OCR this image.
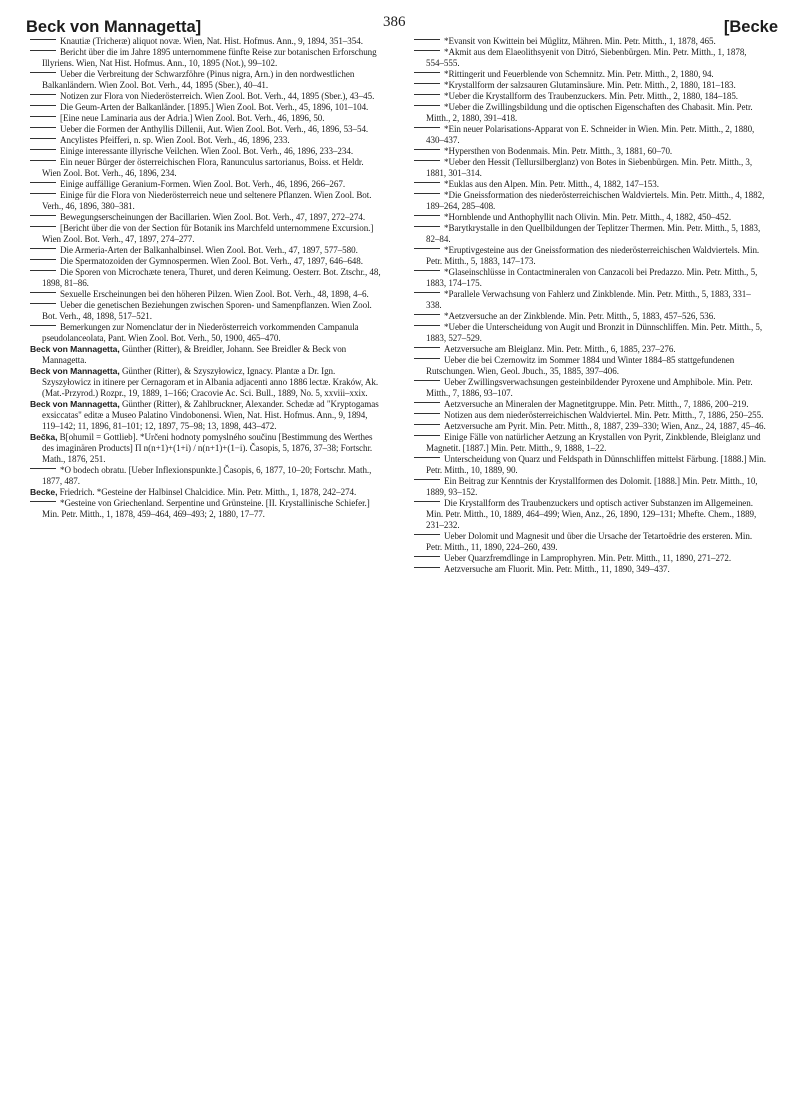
Beck von Mannagetta]	386	[Becke

Knautiæ (Tricheræ) aliquot novæ. Wien, Nat. Hist. Hofmus. Ann., 9, 1894, 351–354.

Bericht über die im Jahre 1895 unternommene fünfte Reise zur botanischen Erforschung Illyriens. Wien, Nat Hist. Hofmus. Ann., 10, 1895 (Not.), 99–102.

Ueber die Verbreitung der Schwarzföhre (Pinus nigra, Arn.) in den nordwestlichen Balkanländern. Wien Zool. Bot. Verh., 44, 1895 (Sber.), 40–41.

Notizen zur Flora von Niederösterreich. Wien Zool. Bot. Verh., 44, 1895 (Sber.), 43–45.

Die Geum-Arten der Balkanländer. [1895.] Wien Zool. Bot. Verh., 45, 1896, 101–104.

[Eine neue Laminaria aus der Adria.] Wien Zool. Bot. Verh., 46, 1896, 50.

Ueber die Formen der Anthyllis Dillenii, Aut. Wien Zool. Bot. Verh., 46, 1896, 53–54.

Ancylistes Pfeifferi, n. sp. Wien Zool. Bot. Verh., 46, 1896, 233.

Einige interessante illyrische Veilchen. Wien Zool. Bot. Verh., 46, 1896, 233–234.

Ein neuer Bürger der österreichischen Flora, Ranunculus sartorianus, Boiss. et Heldr. Wien Zool. Bot. Verh., 46, 1896, 234.

Einige auffällige Geranium-Formen. Wien Zool. Bot. Verh., 46, 1896, 266–267.

Einige für die Flora von Niederösterreich neue und seltenere Pflanzen. Wien Zool. Bot. Verh., 46, 1896, 380–381.

Bewegungserscheinungen der Bacillarien. Wien Zool. Bot. Verh., 47, 1897, 272–274.

[Bericht über die von der Section für Botanik ins Marchfeld unternommene Excursion.] Wien Zool. Bot. Verh., 47, 1897, 274–277.

Die Armeria-Arten der Balkanhalbinsel. Wien Zool. Bot. Verh., 47, 1897, 577–580.

Die Spermatozoiden der Gymnospermen. Wien Zool. Bot. Verh., 47, 1897, 646–648.

Die Sporen von Microchæte tenera, Thuret, und deren Keimung. Oesterr. Bot. Ztschr., 48, 1898, 81–86.

Sexuelle Erscheinungen bei den höheren Pilzen. Wien Zool. Bot. Verh., 48, 1898, 4–6.

Ueber die genetischen Beziehungen zwischen Sporen- und Samenpflanzen. Wien Zool. Bot. Verh., 48, 1898, 517–521.

Bemerkungen zur Nomenclatur der in Niederösterreich vorkommenden Campanula pseudolanceolata, Pant. Wien Zool. Bot. Verh., 50, 1900, 465–470.

Beck von Mannagetta, Günther (Ritter), & Breidler, Johann. See Breidler & Beck von Mannagetta.

Beck von Mannagetta, Günther (Ritter), & Szyszyłowicz, Ignacy. Plantæ a Dr. Ign. Szyszyłowicz in itinere per Cernagoram et in Albania adjacenti anno 1886 lectæ. Kraków, Ak. (Mat.-Przyrod.) Rozpr., 19, 1889, 1–166; Cracovie Ac. Sci. Bull., 1889, No. 5, xxviii–xxix.

Beck von Mannagetta, Günther (Ritter), & Zahlbruckner, Alexander. Schedæ ad "Kryptogamas exsiccatas" editæ a Museo Palatino Vindobonensi. Wien, Nat. Hist. Hofmus. Ann., 9, 1894, 119–142; 11, 1896, 81–101; 12, 1897, 75–98; 13, 1898, 443–472.

Bečka, B[ohumil = Gottlieb]. *Určeni hodnoty pomyslného součinu [Bestimmung des Werthes des imaginären Products] Π n(n+1)+(1+i) / n(n+1)+(1−i). Časopis, 5, 1876, 37–38; Fortschr. Math., 1876, 251.

*O bodech obratu. [Ueber Inflexionspunkte.] Časopis, 6, 1877, 10–20; Fortschr. Math., 1877, 487.

Becke, Friedrich. *Gesteine der Halbinsel Chalcidice. Min. Petr. Mitth., 1, 1878, 242–274.

*Gesteine von Griechenland. Serpentine und Grünsteine. [II. Krystallinische Schiefer.] Min. Petr. Mitth., 1, 1878, 459–464, 469–493; 2, 1880, 17–77.

*Evansit von Kwittein bei Müglitz, Mähren. Min. Petr. Mitth., 1, 1878, 465.

*Akmit aus dem Elaeolithsyenit von Ditró, Siebenbürgen. Min. Petr. Mitth., 1, 1878, 554–555.

*Rittingerit und Feuerblende von Schemnitz. Min. Petr. Mitth., 2, 1880, 94.

*Krystallform der salzsauren Glutaminsäure. Min. Petr. Mitth., 2, 1880, 181–183.

*Ueber die Krystallform des Traubenzuckers. Min. Petr. Mitth., 2, 1880, 184–185.

*Ueber die Zwillingsbildung und die optischen Eigenschaften des Chabasit. Min. Petr. Mitth., 2, 1880, 391–418.

*Ein neuer Polarisations-Apparat von E. Schneider in Wien. Min. Petr. Mitth., 2, 1880, 430–437.

*Hypersthen von Bodenmais. Min. Petr. Mitth., 3, 1881, 60–70.

*Ueber den Hessit (Tellursilberglanz) von Botes in Siebenbürgen. Min. Petr. Mitth., 3, 1881, 301–314.

*Euklas aus den Alpen. Min. Petr. Mitth., 4, 1882, 147–153.

*Die Gneissformation des niederösterreichischen Waldviertels. Min. Petr. Mitth., 4, 1882, 189–264, 285–408.

*Hornblende und Anthophyllit nach Olivin. Min. Petr. Mitth., 4, 1882, 450–452.

*Barytkrystalle in den Quellbildungen der Teplitzer Thermen. Min. Petr. Mitth., 5, 1883, 82–84.

*Eruptivgesteine aus der Gneissformation des niederösterreichischen Waldviertels. Min. Petr. Mitth., 5, 1883, 147–173.

*Glaseinschlüsse in Contactmineralen von Canzacoli bei Predazzo. Min. Petr. Mitth., 5, 1883, 174–175.

*Parallele Verwachsung von Fahlerz und Zinkblende. Min. Petr. Mitth., 5, 1883, 331–338.

*Aetzversuche an der Zinkblende. Min. Petr. Mitth., 5, 1883, 457–526, 536.

*Ueber die Unterscheidung von Augit und Bronzit in Dünnschliffen. Min. Petr. Mitth., 5, 1883, 527–529.

Aetzversuche am Bleiglanz. Min. Petr. Mitth., 6, 1885, 237–276.

Ueber die bei Czernowitz im Sommer 1884 und Winter 1884–85 stattgefundenen Rutschungen. Wien, Geol. Jbuch., 35, 1885, 397–406.

Ueber Zwillingsverwachsungen gesteinbildender Pyroxene und Amphibole. Min. Petr. Mitth., 7, 1886, 93–107.

Aetzversuche an Mineralen der Magnetitgruppe. Min. Petr. Mitth., 7, 1886, 200–219.

Notizen aus dem niederösterreichischen Waldviertel. Min. Petr. Mitth., 7, 1886, 250–255.

Aetzversuche am Pyrit. Min. Petr. Mitth., 8, 1887, 239–330; Wien, Anz., 24, 1887, 45–46.

Einige Fälle von natürlicher Aetzung an Krystallen von Pyrit, Zinkblende, Bleiglanz und Magnetit. [1887.] Min. Petr. Mitth., 9, 1888, 1–22.

Unterscheidung von Quarz und Feldspath in Dünnschliffen mittelst Färbung. [1888.] Min. Petr. Mitth., 10, 1889, 90.

Ein Beitrag zur Kenntnis der Krystallformen des Dolomit. [1888.] Min. Petr. Mitth., 10, 1889, 93–152.

Die Krystallform des Traubenzuckers und optisch activer Substanzen im Allgemeinen. Min. Petr. Mitth., 10, 1889, 464–499; Wien, Anz., 26, 1890, 129–131; Mhefte. Chem., 1889, 231–232.

Ueber Dolomit und Magnesit und über die Ursache der Tetartoëdrie des ersteren. Min. Petr. Mitth., 11, 1890, 224–260, 439.

Ueber Quarzfremdlinge in Lamprophyren. Min. Petr. Mitth., 11, 1890, 271–272.

Aetzversuche am Fluorit. Min. Petr. Mitth., 11, 1890, 349–437.
